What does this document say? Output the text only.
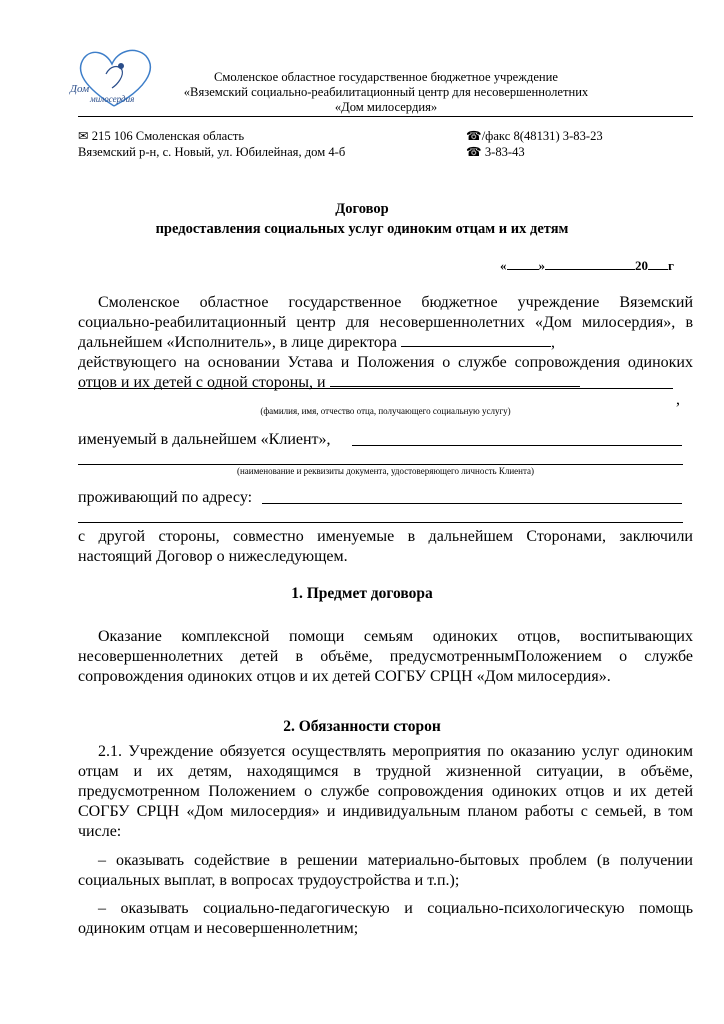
Дом
милосердия
Смоленское областное государственное бюджетное учреждение
«Вяземский социально-реабилитационный центр для несовершеннолетних
«Дом милосердия»
✉ 215 106 Смоленская область
Вяземский р-н, с. Новый, ул. Юбилейная, дом 4-б
☎/факс 8(48131) 3-83-23
☎ 3-83-43
Договор
предоставления социальных услуг одиноким отцам и их детям
« »	20 г
Смоленское областное государственное бюджетное учреждение Вяземский социально-реабилитационный центр для несовершеннолетних «Дом милосердия», в дальнейшем «Исполнитель», в лице директора	,
действующего на основании Устава и Положения о службе сопровождения одиноких отцов и их детей с одной стороны, и
,
(фамилия, имя, отчество отца, получающего социальную услугу)
именуемый в дальнейшем «Клиент»,
(наименование и реквизиты документа, удостоверяющего личность Клиента)
проживающий по адресу:
с другой стороны, совместно именуемые в дальнейшем Сторонами, заключили настоящий Договор о нижеследующем.
1. Предмет договора
Оказание комплексной помощи семьям одиноких отцов, воспитывающих несовершеннолетних детей в объёме, предусмотреннымПоложением о службе сопровождения одиноких отцов и их детей СОГБУ СРЦН «Дом милосердия».
2. Обязанности сторон
2.1. Учреждение обязуется осуществлять мероприятия по оказанию услуг одиноким отцам и их детям, находящимся в трудной жизненной ситуации, в объёме, предусмотренном Положением о службе сопровождения одиноких отцов и их детей СОГБУ СРЦН «Дом милосердия» и индивидуальным планом работы с семьей, в том числе:
– оказывать содействие в решении материально-бытовых проблем (в получении социальных выплат, в вопросах трудоустройства и т.п.);
– оказывать социально-педагогическую и социально-психологическую помощь одиноким отцам и несовершеннолетним;
